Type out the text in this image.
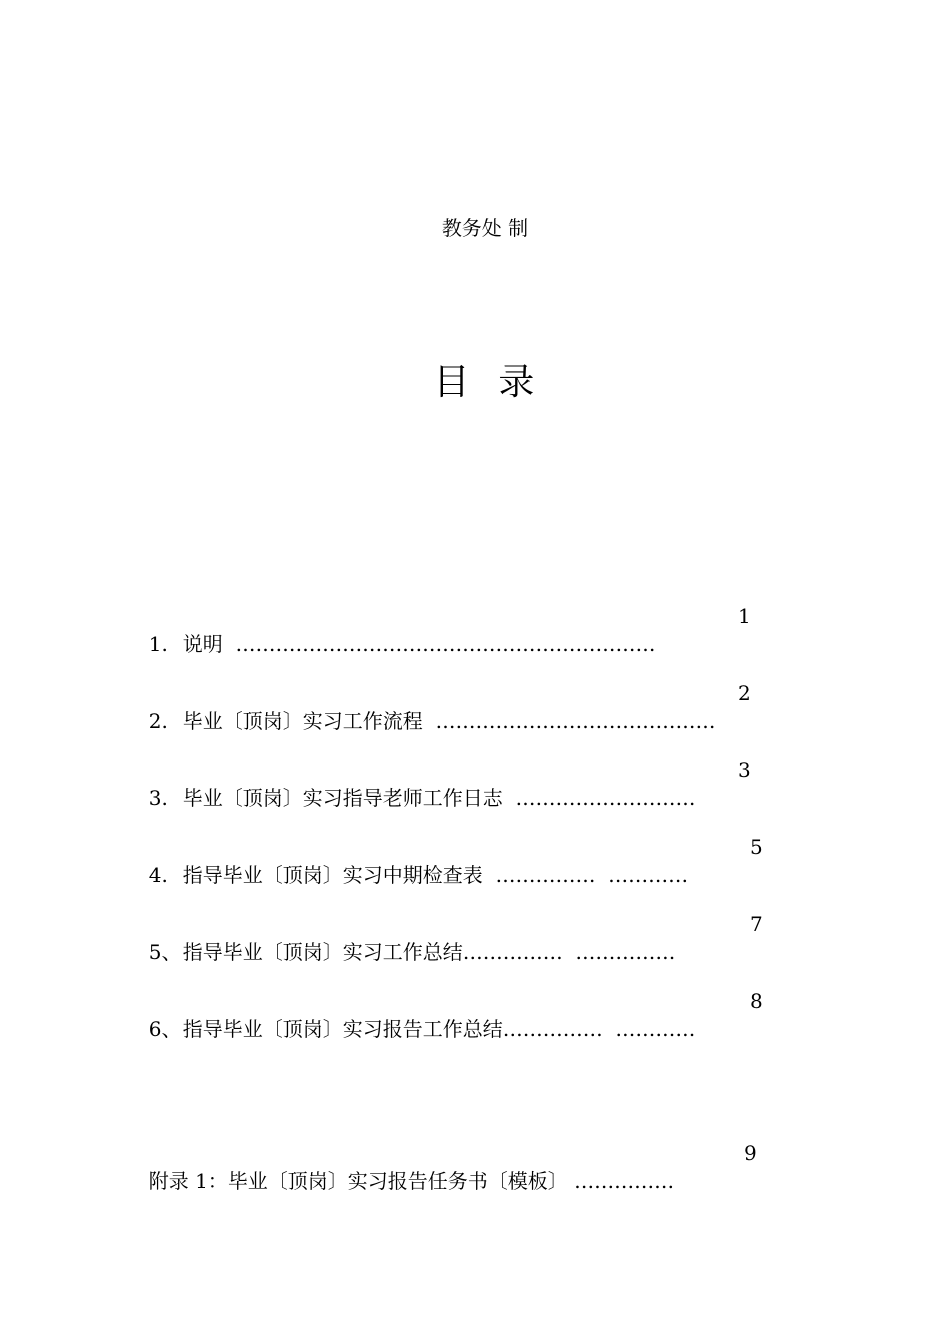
教务处 制
目  录

1. 说明 ………………………………………………………

1

2. 毕业〔顶岗〕实习工作流程 ……………………………………

2

3. 毕业〔顶岗〕实习指导老师工作日志 ………………………

3

4. 指导毕业〔顶岗〕实习中期检查表 ……………  …………

5

5、指导毕业〔顶岗〕实习工作总结……………  ……………

7

6、指导毕业〔顶岗〕实习报告工作总结……………  …………

8

附录 1：毕业〔顶岗〕实习报告任务书〔模板〕 ……………

9
